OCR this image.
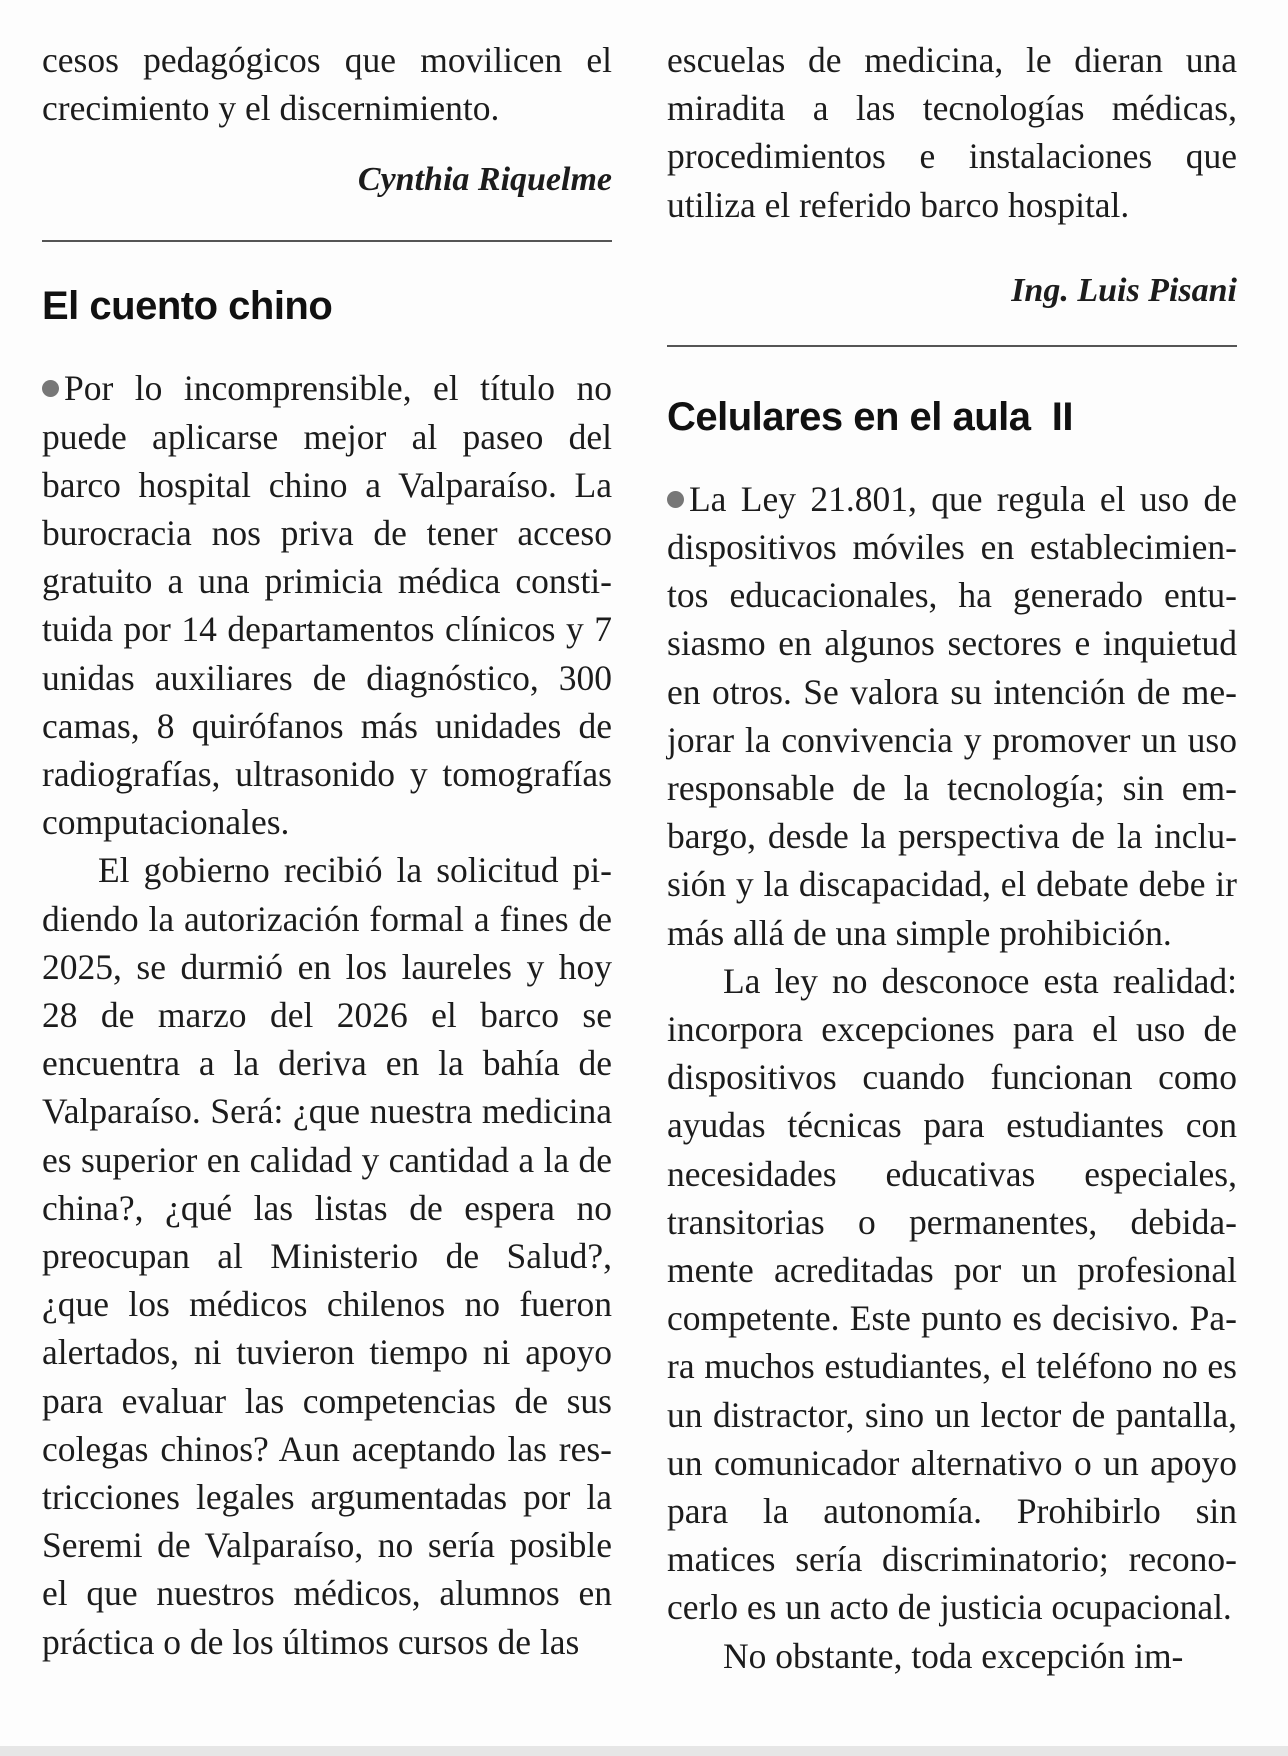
cesos pedagógicos que movilicen el crecimiento y el discernimiento.

Cynthia Riquelme

El cuento chino

Por lo incomprensible, el título no puede aplicarse mejor al paseo del barco hospital chino a Valparaíso. La burocracia nos priva de tener acceso gratuito a una primicia médica constituida por 14 departamentos clínicos y 7 unidas auxiliares de diagnóstico, 300 camas, 8 quirófanos más unidades de radiografías, ultrasonido y tomografías computacionales.

El gobierno recibió la solicitud pidiendo la autorización formal a fines de 2025, se durmió en los laureles y hoy 28 de marzo del 2026 el barco se encuentra a la deriva en la bahía de Valparaíso. Será: ¿que nuestra medicina es superior en calidad y cantidad a la de china?, ¿qué las listas de espera no preocupan al Ministerio de Salud?, ¿que los médicos chilenos no fueron alertados, ni tuvieron tiempo ni apoyo para evaluar las competencias de sus colegas chinos? Aun aceptando las restricciones legales argumentadas por la Seremi de Valparaíso, no sería posible el que nuestros médicos, alumnos en práctica o de los últimos cursos de las

escuelas de medicina, le dieran una miradita a las tecnologías médicas, procedimientos e instalaciones que utiliza el referido barco hospital.

Ing. Luis Pisani

Celulares en el aula  II

La Ley 21.801, que regula el uso de dispositivos móviles en establecimientos educacionales, ha generado entusiasmo en algunos sectores e inquietud en otros. Se valora su intención de mejorar la convivencia y promover un uso responsable de la tecnología; sin embargo, desde la perspectiva de la inclusión y la discapacidad, el debate debe ir más allá de una simple prohibición.

La ley no desconoce esta realidad: incorpora excepciones para el uso de dispositivos cuando funcionan como ayudas técnicas para estudiantes con necesidades educativas especiales, transitorias o permanentes, debidamente acreditadas por un profesional competente. Este punto es decisivo. Para muchos estudiantes, el teléfono no es un distractor, sino un lector de pantalla, un comunicador alternativo o un apoyo para la autonomía. Prohibirlo sin matices sería discriminatorio; reconocerlo es un acto de justicia ocupacional.

No obstante, toda excepción im-
